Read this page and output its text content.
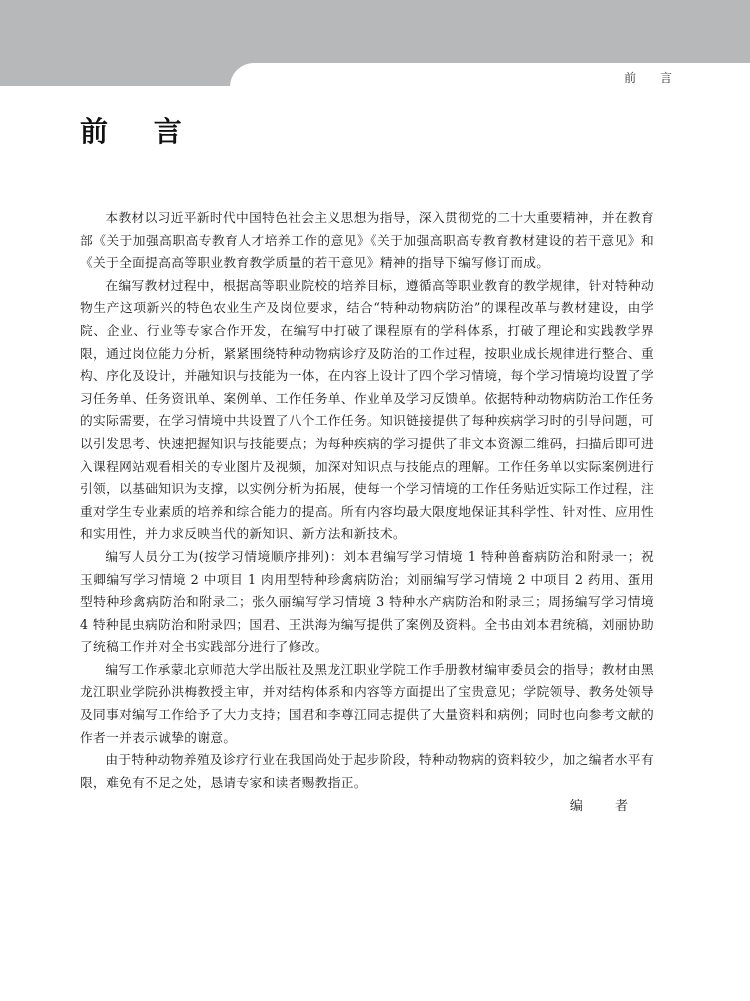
前 言
前 言

本教材以习近平新时代中国特色社会主义思想为指导，深入贯彻党的二十大重要精神，并在教育部《关于加强高职高专教育人才培养工作的意见》《关于加强高职高专教育教材建设的若干意见》和《关于全面提高高等职业教育教学质量的若干意见》精神的指导下编写修订而成。

在编写教材过程中，根据高等职业院校的培养目标，遵循高等职业教育的教学规律，针对特种动物生产这项新兴的特色农业生产及岗位要求，结合“特种动物病防治”的课程改革与教材建设，由学院、企业、行业等专家合作开发，在编写中打破了课程原有的学科体系，打破了理论和实践教学界限，通过岗位能力分析，紧紧围绕特种动物病诊疗及防治的工作过程，按职业成长规律进行整合、重构、序化及设计，并融知识与技能为一体，在内容上设计了四个学习情境，每个学习情境均设置了学习任务单、任务资讯单、案例单、工作任务单、作业单及学习反馈单。依据特种动物病防治工作任务的实际需要，在学习情境中共设置了八个工作任务。知识链接提供了每种疾病学习时的引导问题，可以引发思考、快速把握知识与技能要点；为每种疾病的学习提供了非文本资源二维码，扫描后即可进入课程网站观看相关的专业图片及视频，加深对知识点与技能点的理解。工作任务单以实际案例进行引领，以基础知识为支撑，以实例分析为拓展，使每一个学习情境的工作任务贴近实际工作过程，注重对学生专业素质的培养和综合能力的提高。所有内容均最大限度地保证其科学性、针对性、应用性和实用性，并力求反映当代的新知识、新方法和新技术。

编写人员分工为(按学习情境顺序排列)：刘本君编写学习情境 1 特种兽畜病防治和附录一；祝玉卿编写学习情境 2 中项目 1 肉用型特种珍禽病防治；刘丽编写学习情境 2 中项目 2 药用、蛋用型特种珍禽病防治和附录二；张久丽编写学习情境 3 特种水产病防治和附录三；周扬编写学习情境 4 特种昆虫病防治和附录四；国君、王洪海为编写提供了案例及资料。全书由刘本君统稿，刘丽协助了统稿工作并对全书实践部分进行了修改。

编写工作承蒙北京师范大学出版社及黑龙江职业学院工作手册教材编审委员会的指导；教材由黑龙江职业学院孙洪梅教授主审，并对结构体系和内容等方面提出了宝贵意见；学院领导、教务处领导及同事对编写工作给予了大力支持；国君和李尊江同志提供了大量资料和病例；同时也向参考文献的作者一并表示诚挚的谢意。

由于特种动物养殖及诊疗行业在我国尚处于起步阶段，特种动物病的资料较少，加之编者水平有限，难免有不足之处，恳请专家和读者赐教指正。

编 者
